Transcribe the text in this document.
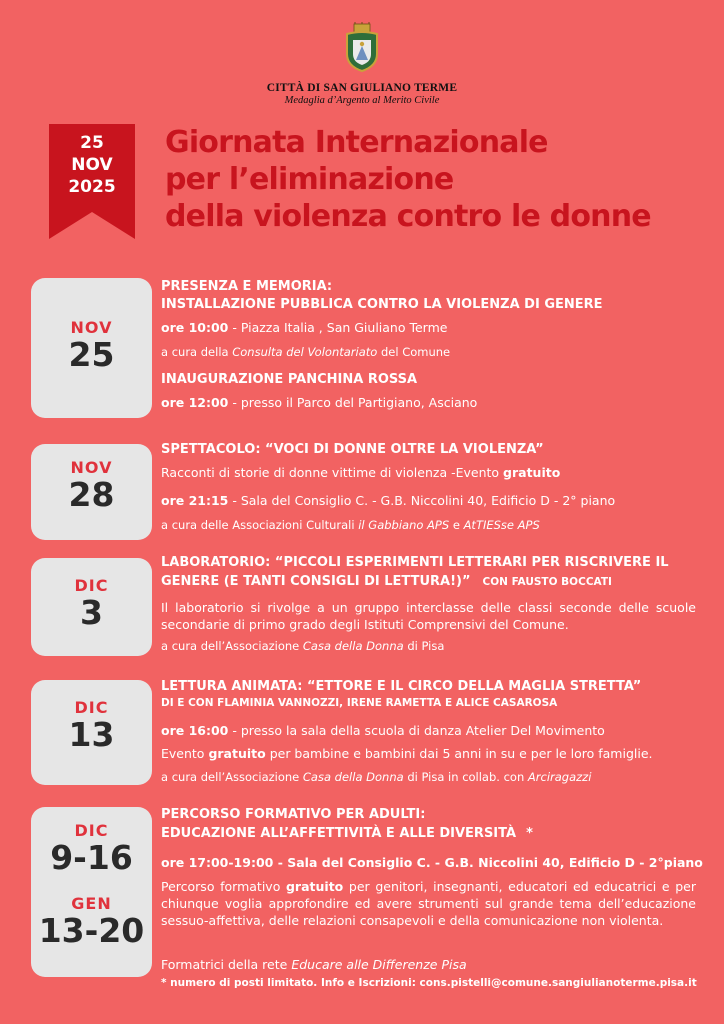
CITTÀ DI SAN GIULIANO TERME
Medaglia d’Argento al Merito Civile
25
NOV
2025
Giornata Internazionale
per l’eliminazione
della violenza contro le donne
NOV
25
PRESENZA E MEMORIA:
INSTALLAZIONE PUBBLICA CONTRO LA VIOLENZA DI GENERE
ore 10:00 - Piazza Italia , San Giuliano Terme
a cura della Consulta del Volontariato del Comune
INAUGURAZIONE PANCHINA ROSSA
ore 12:00 - presso il Parco del Partigiano, Asciano
NOV
28
SPETTACOLO: “VOCI DI DONNE OLTRE LA VIOLENZA”
Racconti di storie di donne vittime di violenza -Evento gratuito
ore 21:15 - Sala del Consiglio C. - G.B. Niccolini 40, Edificio D - 2° piano
a cura delle Associazioni Culturali il Gabbiano APS e AtTIESse APS
DIC
3
LABORATORIO: “PICCOLI ESPERIMENTI LETTERARI PER RISCRIVERE IL
GENERE (E TANTI CONSIGLI DI LETTURA!)” CON FAUSTO BOCCATI
Il laboratorio si rivolge a un gruppo interclasse delle classi seconde delle scuole secondarie di primo grado degli Istituti Comprensivi del Comune.
a cura dell’Associazione Casa della Donna di Pisa
DIC
13
LETTURA ANIMATA: “ETTORE E IL CIRCO DELLA MAGLIA STRETTA”
DI E CON FLAMINIA VANNOZZI, IRENE RAMETTA E ALICE CASAROSA
ore 16:00 - presso la sala della scuola di danza Atelier Del Movimento
Evento gratuito per bambine e bambini dai 5 anni in su e per le loro famiglie.
a cura dell’Associazione Casa della Donna di Pisa in collab. con Arciragazzi
DIC
9-16
GEN
13-20
PERCORSO FORMATIVO PER ADULTI:
EDUCAZIONE ALL’AFFETTIVITÀ E ALLE DIVERSITÀ *
ore 17:00-19:00 - Sala del Consiglio C. - G.B. Niccolini 40, Edificio D - 2°piano
Percorso formativo gratuito per genitori, insegnanti, educatori ed educatrici e per chiunque voglia approfondire ed avere strumenti sul grande tema dell’educazione sessuo-affettiva, delle relazioni consapevoli e della comunicazione non violenta.
Formatrici della rete Educare alle Differenze Pisa
* numero di posti limitato. Info e Iscrizioni: cons.pistelli@comune.sangiulianoterme.pisa.it
